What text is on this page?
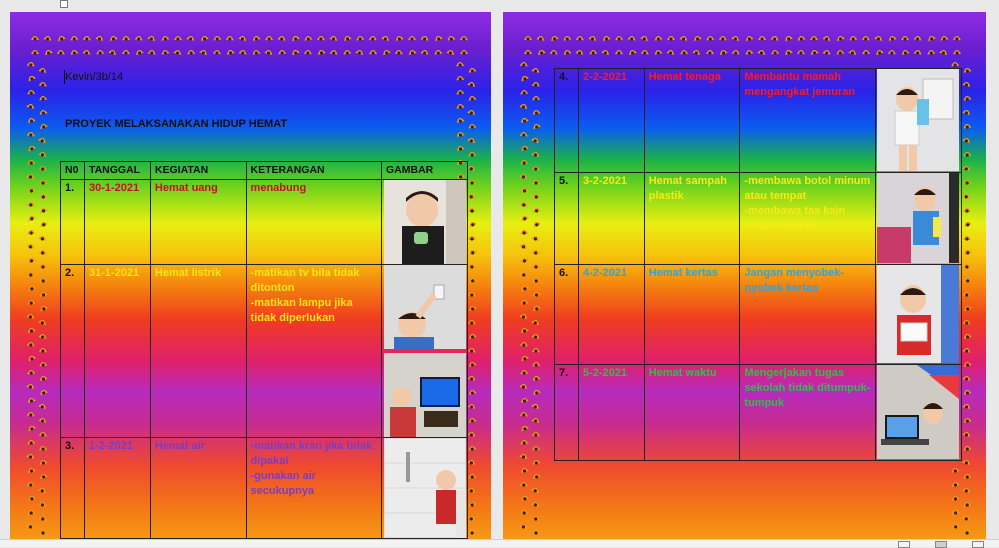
Kevin/3b/14
PROYEK MELAKSANAKAN HIDUP HEMAT
N0	TANGGAL	KEGIATAN	KETERANGAN	GAMBAR
1.	30-1-2021	Hemat uang	menabung

2.	31-1-2021	Hemat listrik	-matikan tv bila tidak ditonton
-matikan lampu jika tidak diperlukan

3.	1-2-2021	Hemat air	-matikan kran jika tidak dipakai
-gunakan air secukupnya

4.	2-2-2021	Hemat tenaga	Membantu mamah mengangkat jemuran

5.	3-2-2021	Hemat sampah plastik	-membawa botol minum atau tempat
-membawa tas kain untuk belanja

6.	4-2-2021	Hemat kertas	Jangan menyobek-nyobek kertas

7.	5-2-2021	Hemat waktu	Mengerjakan tugas sekolah tidak ditumpuk-tumpuk
